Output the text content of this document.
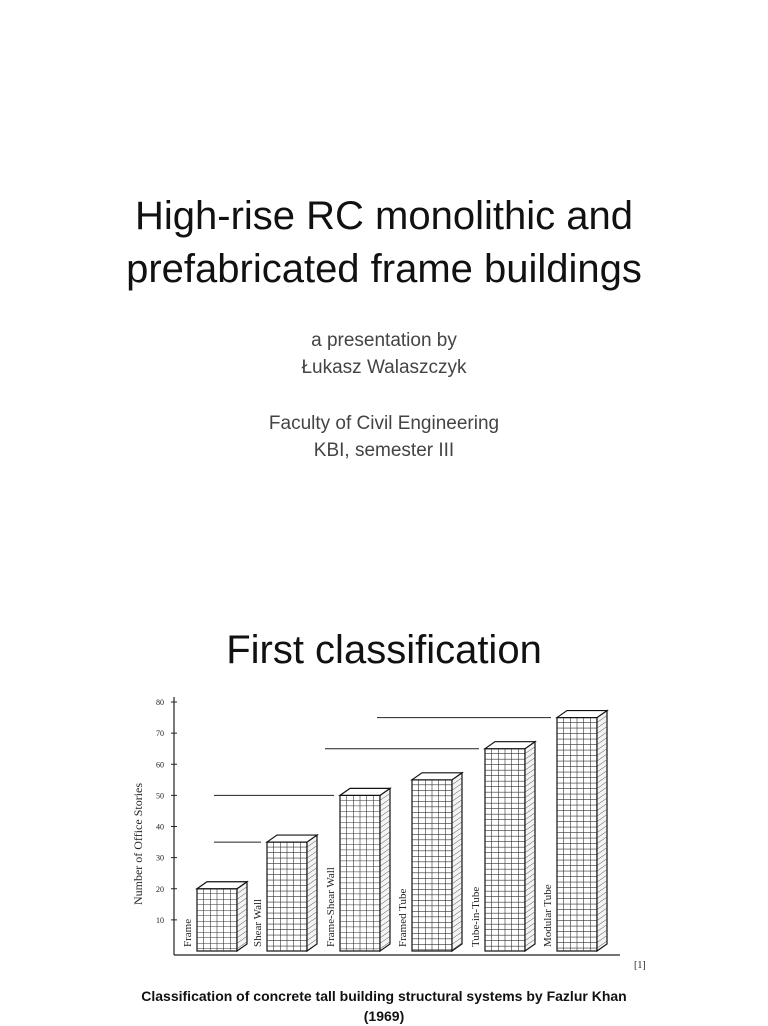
High-rise RC monolithic and
prefabricated frame buildings
a presentation by
Łukasz Walaszczyk
Faculty of Civil Engineering
KBI, semester III
First classification
10
20
30
40
50
60
70
80
Number of Office Stories
Frame	Shear Wall	Frame-Shear Wall	Framed Tube	Tube-in-Tube	Modular Tube
[1]
Classification of concrete tall building structural systems by Fazlur Khan
(1969)
